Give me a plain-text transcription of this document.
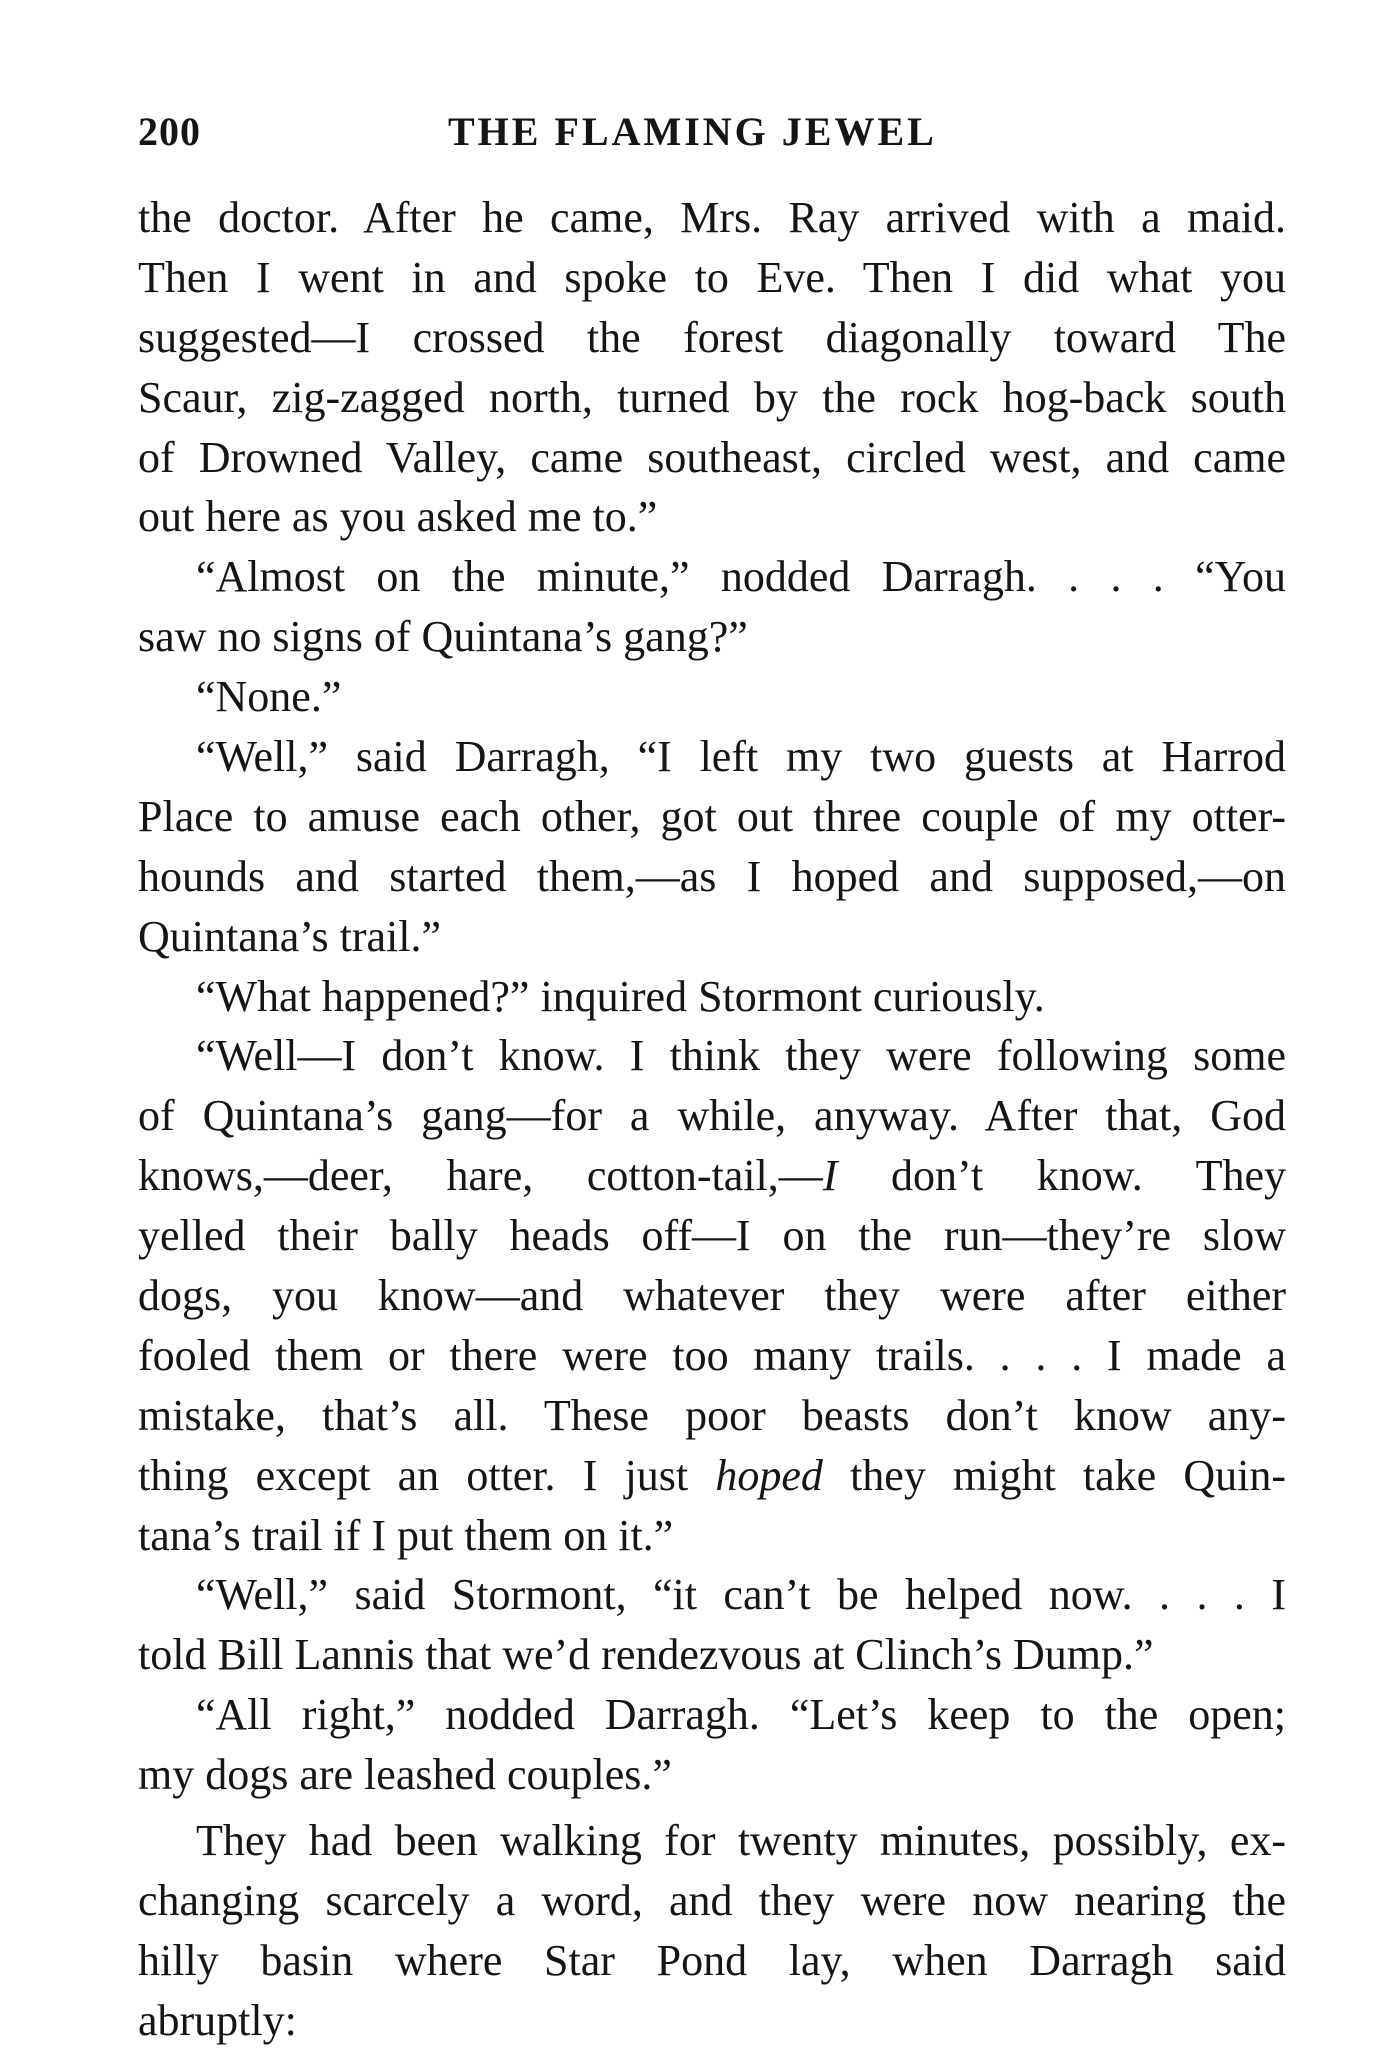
200	THE FLAMING JEWEL
the doctor. After he came, Mrs. Ray arrived with a maid.
Then I went in and spoke to Eve. Then I did what you
suggested—I crossed the forest diagonally toward The
Scaur, zig-zagged north, turned by the rock hog-back south
of Drowned Valley, came southeast, circled west, and came
out here as you asked me to.”
“Almost on the minute,” nodded Darragh. . . . “You
saw no signs of Quintana’s gang?”
“None.”
“Well,” said Darragh, “I left my two guests at Harrod
Place to amuse each other, got out three couple of my otter-
hounds and started them,—as I hoped and supposed,—on
Quintana’s trail.”
“What happened?” inquired Stormont curiously.
“Well—I don’t know. I think they were following some
of Quintana’s gang—for a while, anyway. After that, God
knows,—deer, hare, cotton-tail,—I don’t know. They
yelled their bally heads off—I on the run—they’re slow
dogs, you know—and whatever they were after either
fooled them or there were too many trails. . . . I made a
mistake, that’s all. These poor beasts don’t know any-
thing except an otter. I just hoped they might take Quin-
tana’s trail if I put them on it.”
“Well,” said Stormont, “it can’t be helped now. . . . I
told Bill Lannis that we’d rendezvous at Clinch’s Dump.”
“All right,” nodded Darragh. “Let’s keep to the open;
my dogs are leashed couples.”
They had been walking for twenty minutes, possibly, ex-
changing scarcely a word, and they were now nearing the
hilly basin where Star Pond lay, when Darragh said
abruptly:
